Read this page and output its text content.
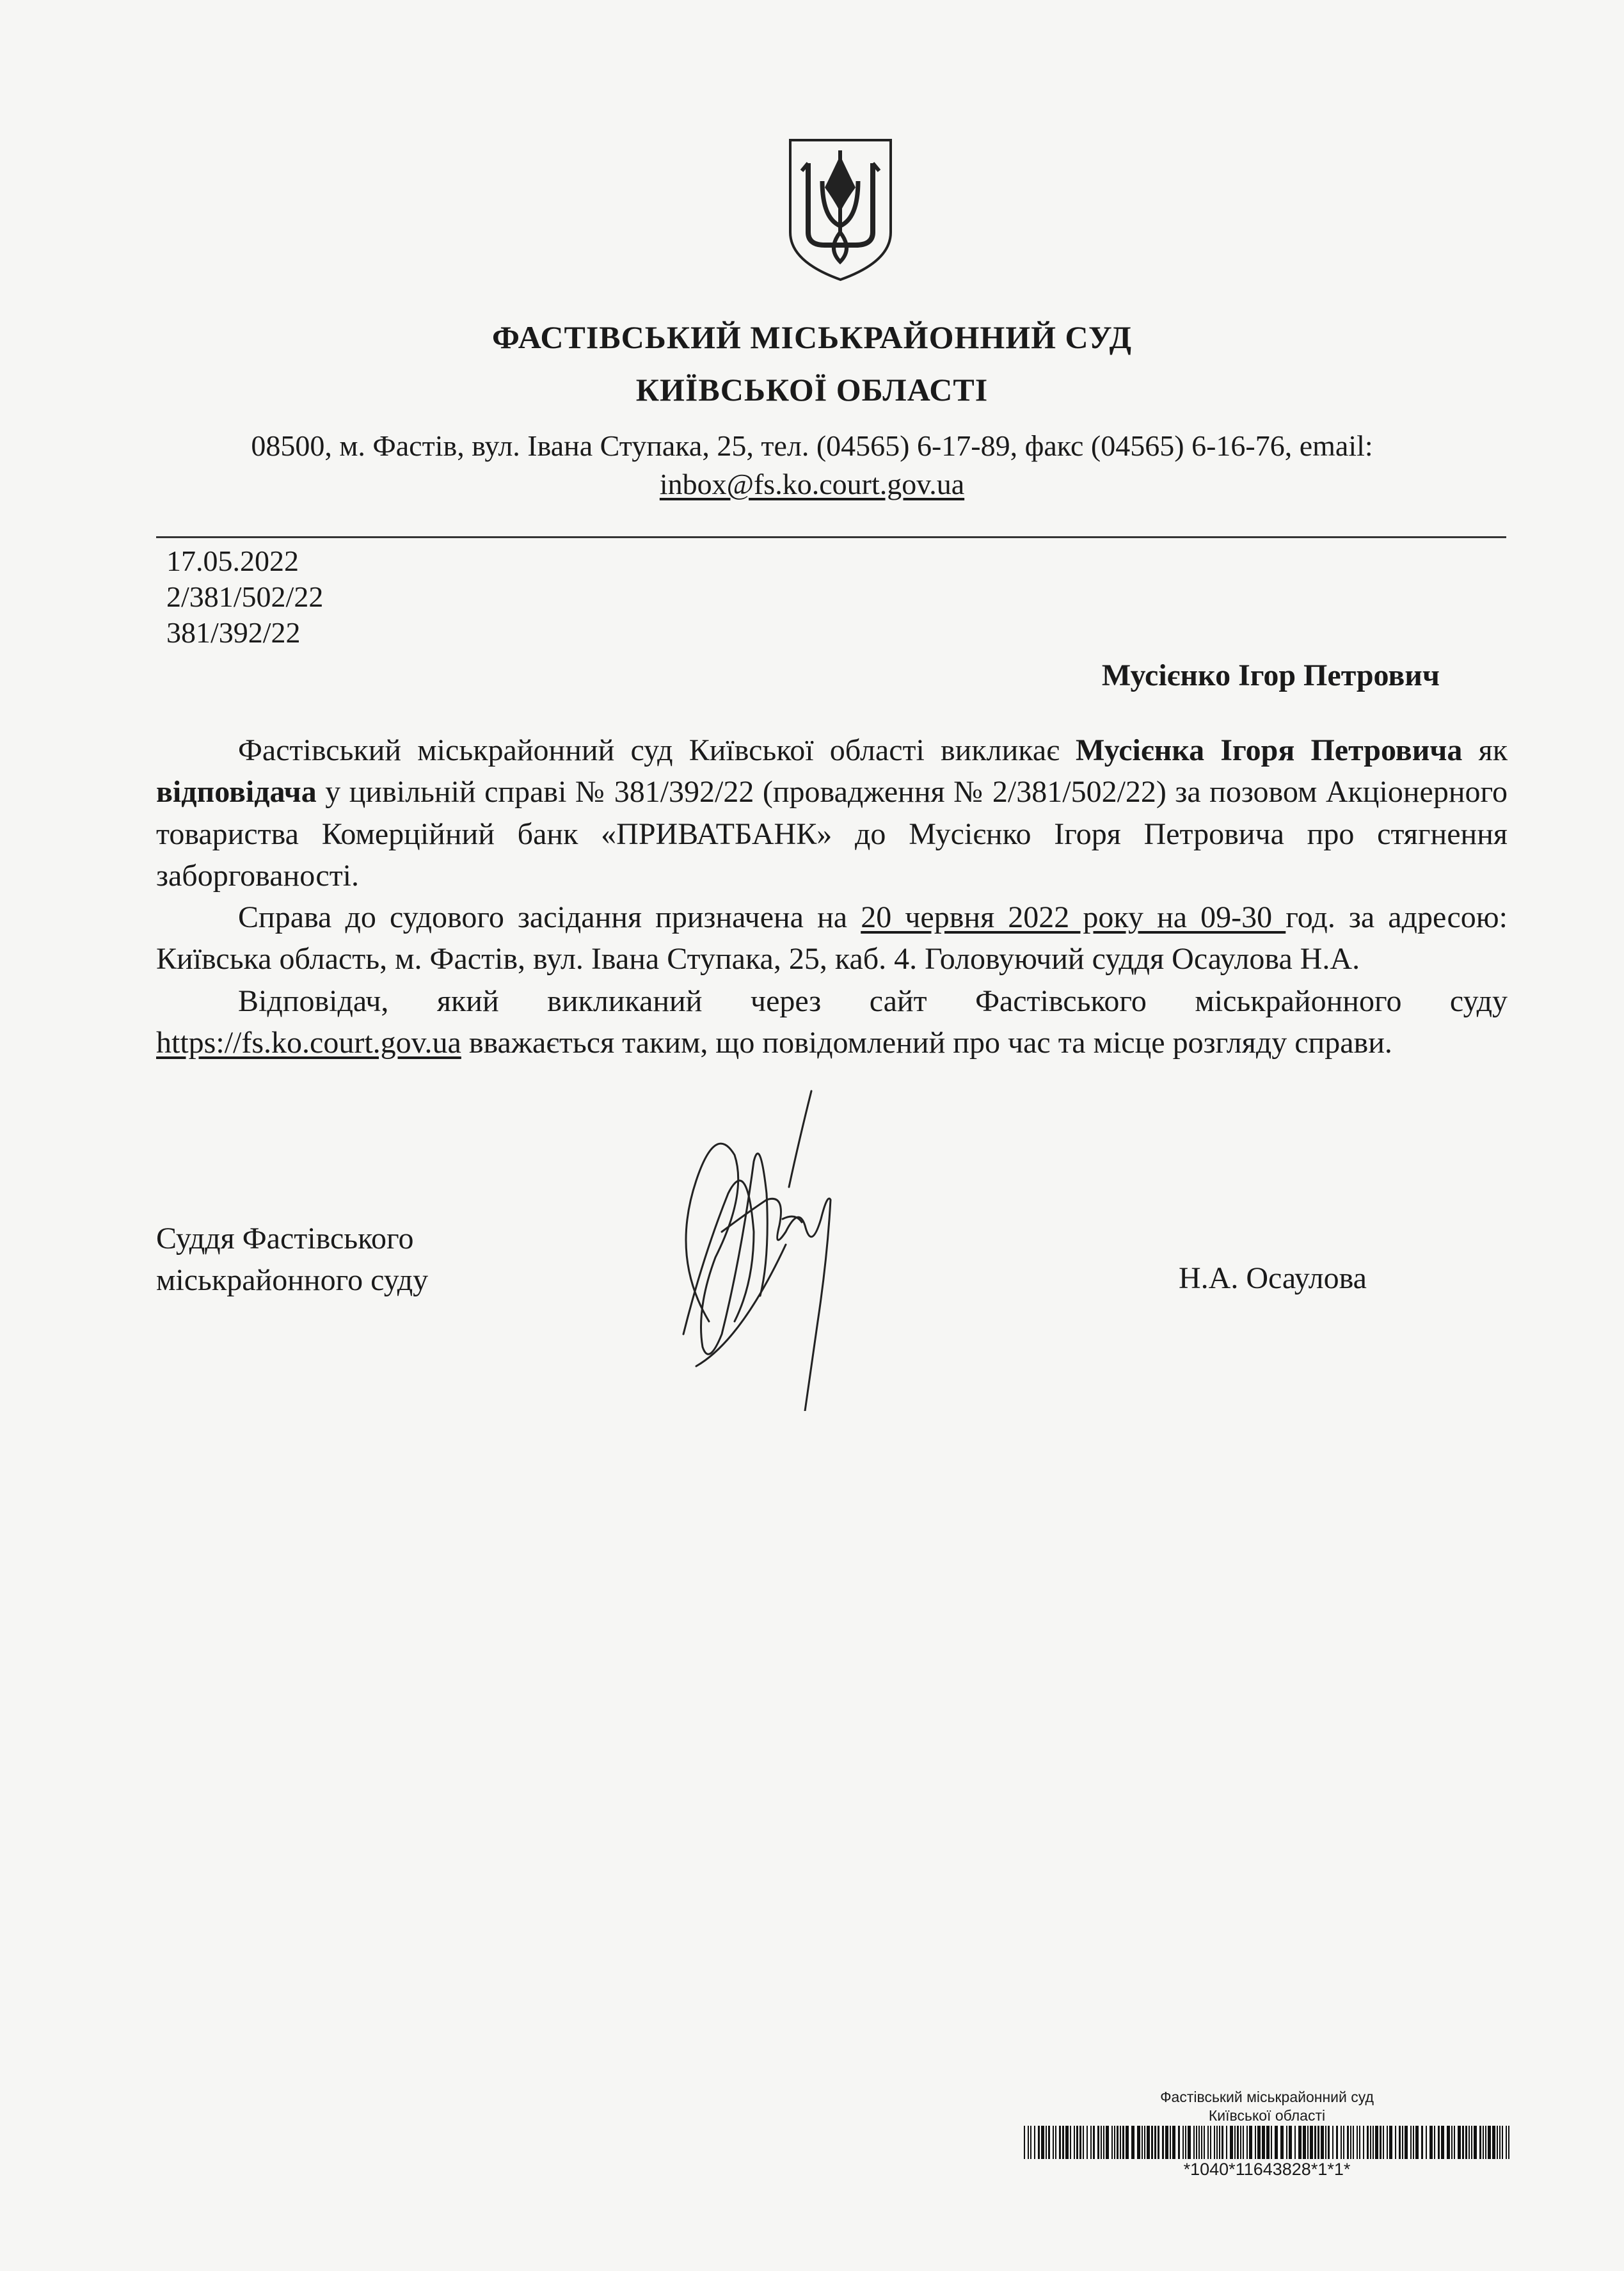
ФАСТІВСЬКИЙ МІСЬКРАЙОННИЙ СУД
КИЇВСЬКОЇ ОБЛАСТІ
08500, м. Фастів, вул. Івана Ступака, 25, тел. (04565) 6-17-89, факс (04565) 6-16-76, email:
inbox@fs.ko.court.gov.ua
17.05.2022
2/381/502/22
381/392/22
Мусієнко Ігор Петрович

Фастівський міськрайонний суд Київської області викликає Мусієнка Ігоря Петровича як відповідача у цивільній справі № 381/392/22 (провадження № 2/381/502/22) за позовом Акціонерного товариства Комерційний банк «ПРИВАТБАНК» до Мусієнко Ігоря Петровича про стягнення заборгованості.

Справа до судового засідання призначена на 20 червня 2022 року на 09-30 год. за адресою: Київська область, м. Фастів, вул. Івана Ступака, 25, каб. 4. Головуючий суддя Осаулова Н.А.

Відповідач, який викликаний через сайт Фастівського міськрайонного суду https://fs.ko.court.gov.ua вважається таким, що повідомлений про час та місце розгляду справи.

Суддя Фастівського
міськрайонного суду	Н.А. Осаулова
Фастівський міськрайонний суд
Київської області
*1040*11643828*1*1*
